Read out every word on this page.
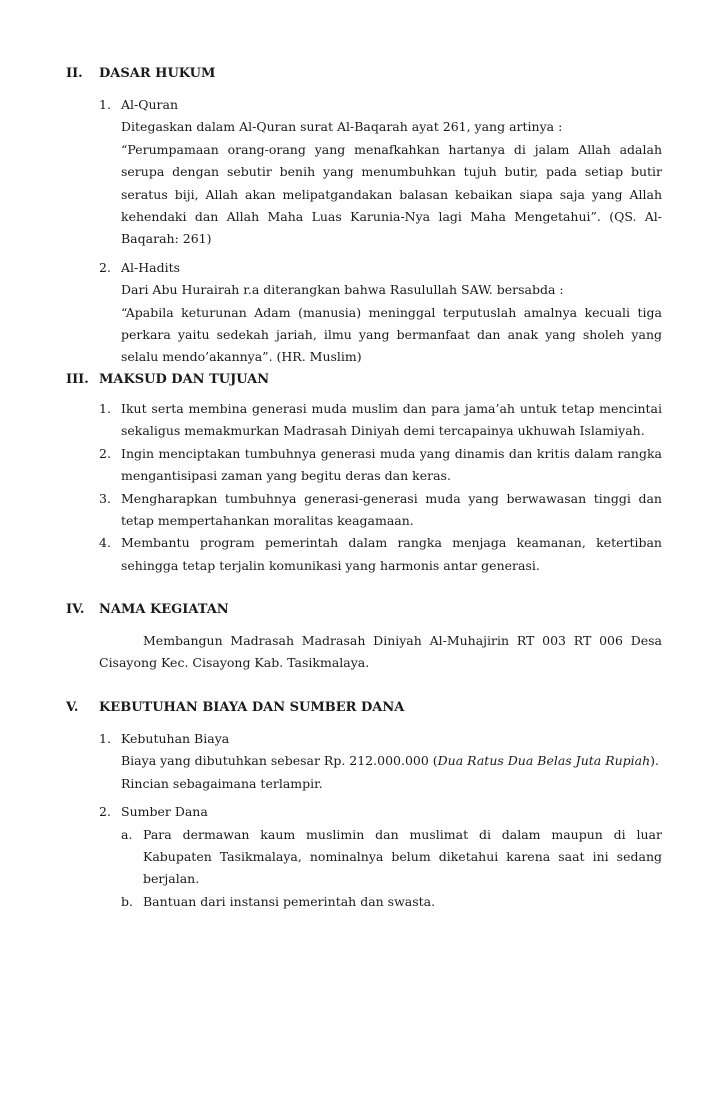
II. DASAR HUKUM
1. Al-Quran

Ditegaskan dalam Al-Quran surat Al-Baqarah ayat 261, yang artinya :

“Perumpamaan orang-orang yang menafkahkan hartanya di jalam Allah adalah serupa dengan sebutir benih yang menumbuhkan tujuh butir, pada setiap butir seratus biji, Allah akan melipatgandakan balasan kebaikan siapa saja yang Allah kehendaki dan Allah Maha Luas Karunia-Nya lagi Maha Mengetahui”. (QS. Al-Baqarah: 261)

2. Al-Hadits

Dari Abu Hurairah r.a diterangkan bahwa Rasulullah SAW. bersabda :

“Apabila keturunan Adam (manusia) meninggal terputuslah amalnya kecuali tiga perkara yaitu sedekah jariah, ilmu yang bermanfaat dan anak yang sholeh yang selalu mendo’akannya”. (HR. Muslim)

III. MAKSUD DAN TUJUAN
1. Ikut serta membina generasi muda muslim dan para jama’ah untuk tetap mencintai sekaligus memakmurkan Madrasah Diniyah demi tercapainya ukhuwah Islamiyah.

2. Ingin menciptakan tumbuhnya generasi muda yang dinamis dan kritis dalam rangka mengantisipasi zaman yang begitu deras dan keras.

3. Mengharapkan tumbuhnya generasi-generasi muda yang berwawasan tinggi dan tetap mempertahankan moralitas keagamaan.

4. Membantu program pemerintah dalam rangka menjaga keamanan, ketertiban sehingga tetap terjalin komunikasi yang harmonis antar generasi.

IV. NAMA KEGIATAN

Membangun Madrasah Madrasah Diniyah Al-Muhajirin RT 003 RT 006 Desa Cisayong Kec. Cisayong Kab. Tasikmalaya.

V. KEBUTUHAN BIAYA DAN SUMBER DANA
1. Kebutuhan Biaya

Biaya yang dibutuhkan sebesar Rp. 212.000.000 (Dua Ratus Dua Belas Juta Rupiah).

Rincian sebagaimana terlampir.

2. Sumber Dana

a. Para dermawan kaum muslimin dan muslimat di dalam maupun di luar Kabupaten Tasikmalaya, nominalnya belum diketahui karena saat ini sedang berjalan.

b. Bantuan dari instansi pemerintah dan swasta.
